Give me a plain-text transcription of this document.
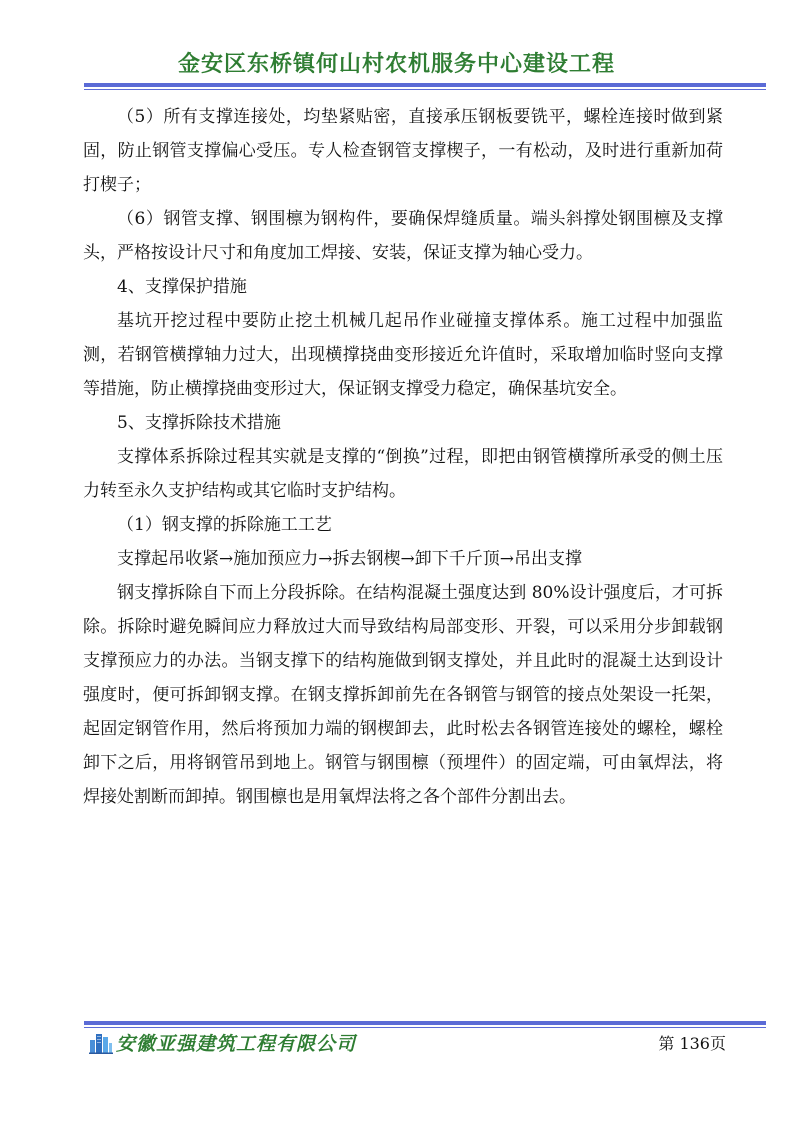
金安区东桥镇何山村农机服务中心建设工程

（5）所有支撑连接处，均垫紧贴密，直接承压钢板要铣平，螺栓连接时做到紧固，防止钢管支撑偏心受压。专人检查钢管支撑楔子，一有松动，及时进行重新加荷打楔子；

（6）钢管支撑、钢围檩为钢构件，要确保焊缝质量。端头斜撑处钢围檩及支撑头，严格按设计尺寸和角度加工焊接、安装，保证支撑为轴心受力。

4、支撑保护措施

基坑开挖过程中要防止挖土机械几起吊作业碰撞支撑体系。施工过程中加强监测，若钢管横撑轴力过大，出现横撑挠曲变形接近允许值时，采取增加临时竖向支撑等措施，防止横撑挠曲变形过大，保证钢支撑受力稳定，确保基坑安全。

5、支撑拆除技术措施

支撑体系拆除过程其实就是支撑的“倒换”过程，即把由钢管横撑所承受的侧土压力转至永久支护结构或其它临时支护结构。

（1）钢支撑的拆除施工工艺

支撑起吊收紧→施加预应力→拆去钢楔→卸下千斤顶→吊出支撑

钢支撑拆除自下而上分段拆除。在结构混凝土强度达到 80%设计强度后，才可拆除。拆除时避免瞬间应力释放过大而导致结构局部变形、开裂，可以采用分步卸载钢支撑预应力的办法。当钢支撑下的结构施做到钢支撑处，并且此时的混凝土达到设计强度时，便可拆卸钢支撑。在钢支撑拆卸前先在各钢管与钢管的接点处架设一托架，起固定钢管作用，然后将预加力端的钢楔卸去，此时松去各钢管连接处的螺栓，螺栓卸下之后，用将钢管吊到地上。钢管与钢围檩（预埋件）的固定端，可由氧焊法，将焊接处割断而卸掉。钢围檩也是用氧焊法将之各个部件分割出去。

安徽亚强建筑工程有限公司	第 136页
